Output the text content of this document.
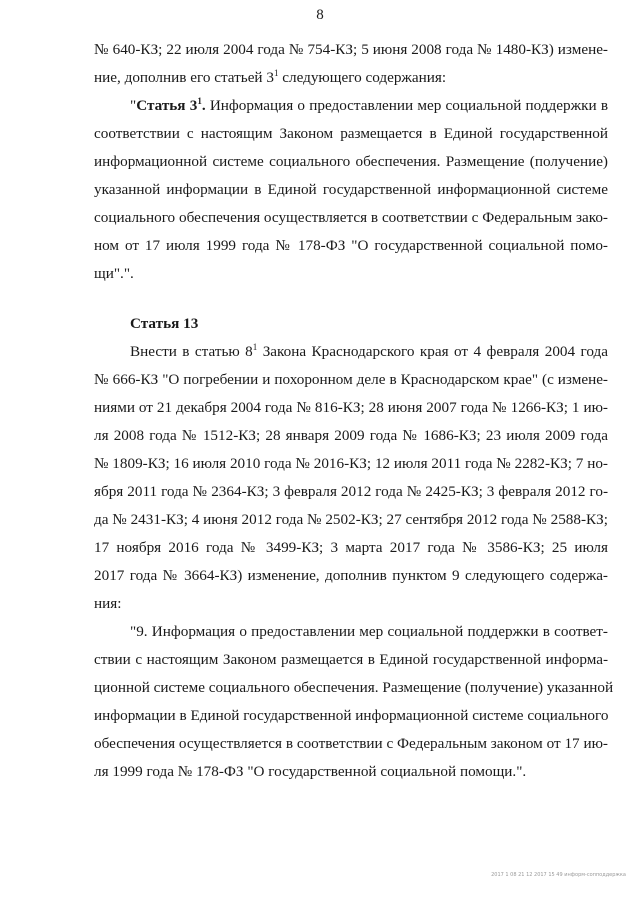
8
№ 640-КЗ; 22 июля 2004 года № 754-КЗ; 5 июня 2008 года № 1480-КЗ) измене-
ние, дополнив его статьей $3^1$ следующего содержания:
"Статья $3^1$. Информация о предоставлении мер социальной поддержки в
соответствии с настоящим Законом размещается в Единой государственной
информационной системе социального обеспечения. Размещение (получение)
указанной информации в Единой государственной информационной системе
социального обеспечения осуществляется в соответствии с Федеральным зако-
ном от 17 июля 1999 года № 178-ФЗ "О государственной социальной помо-
щи".".
Статья 13
Внести в статью $8^1$ Закона Краснодарского края от 4 февраля 2004 года
№ 666-КЗ "О погребении и похоронном деле в Краснодарском крае" (с измене-
ниями от 21 декабря 2004 года № 816-КЗ; 28 июня 2007 года № 1266-КЗ; 1 ию-
ля 2008 года № 1512-КЗ; 28 января 2009 года № 1686-КЗ; 23 июля 2009 года
№ 1809-КЗ; 16 июля 2010 года № 2016-КЗ; 12 июля 2011 года № 2282-КЗ; 7 но-
ября 2011 года № 2364-КЗ; 3 февраля 2012 года № 2425-КЗ; 3 февраля 2012 го-
да № 2431-КЗ; 4 июня 2012 года № 2502-КЗ; 27 сентября 2012 года № 2588-КЗ;
17 ноября 2016 года № 3499-КЗ; 3 марта 2017 года № 3586-КЗ; 25 июля
2017 года № 3664-КЗ) изменение, дополнив пунктом 9 следующего содержа-
ния:
"9. Информация о предоставлении мер социальной поддержки в соответ-
ствии с настоящим Законом размещается в Единой государственной информа-
ционной системе социального обеспечения. Размещение (получение) указанной
информации в Единой государственной информационной системе социального
обеспечения осуществляется в соответствии с Федеральным законом от 17 ию-
ля 1999 года № 178-ФЗ "О государственной социальной помощи.".
2017 1 08 21 12 2017 15 49 информ-сопподдержка
